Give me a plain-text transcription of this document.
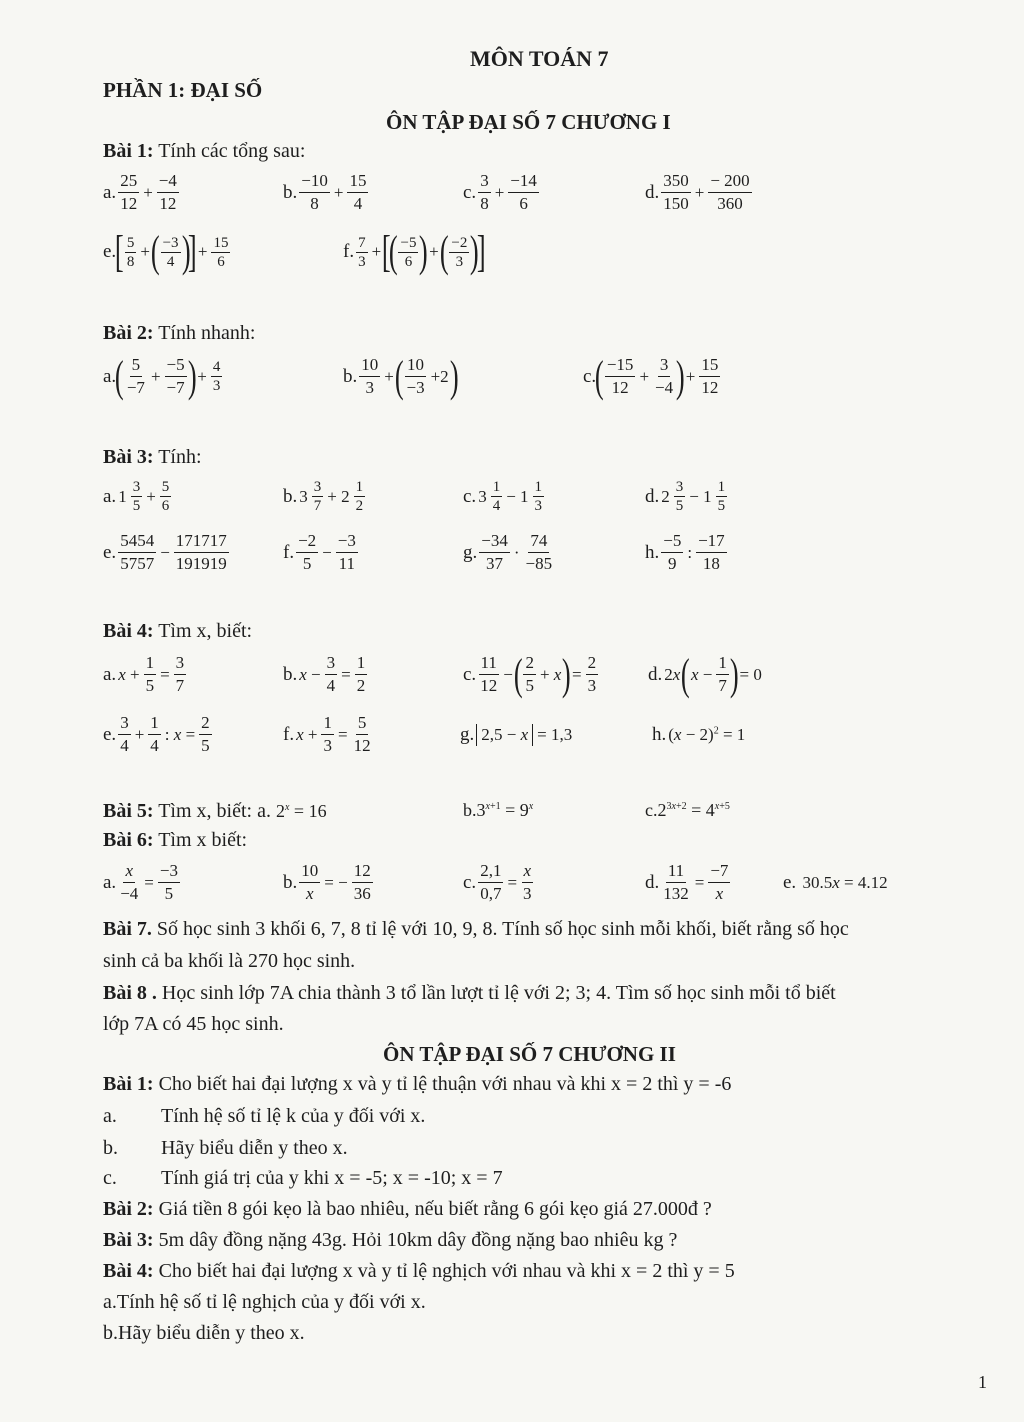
MÔN TOÁN 7
PHẦN 1: ĐẠI SỐ
ÔN TẬP ĐẠI SỐ 7 CHƯƠNG I
Bài 1: Tính các tổng sau:
a.
25
12
+ $\frac{-4}{12}$	b.
−10
8
+ $\frac{15}{4}$	c.
3
8
+ $\frac{-14}{6}$	d.
350
150
+ $\frac{- 200}{360}$
e.
[ 5
8
+ ( −3
4 )
] + $\frac{15}{6}$	f. 7
3
+ [
( −5
6 ) + ( −2
3 )
]
Bài 2: Tính nhanh:
a.
( 5
−7
+ $\frac{-5}{-7}$ ) + $\frac{4}{3}$	b.
10
3
+ ( 10
−3
+2 )	c.
( −15
12
+ $\frac{3}{-4}$ ) + $\frac{15}{12}$
Bài 3: Tính:
a. 1 3
5
+ $\frac{5}{6}$	b. 3 3
7
+ 2 1
2	c. 3 1
4
− 1 1
3	d. 2 3
5
− 1 1
5
e.
5454
5757
− $\frac{171717}{191919}$	f.
−2
5
− $\frac{-3}{11}$	g.
−34
37
·
74
−85
h.
−5
9
:
−17
18
Bài 4: Tìm x, biết:
a. $x + \frac{1}{5} = \frac{3}{7}$	b. $x - \frac{3}{4} = \frac{1}{2}$	c.
11
12
− ( 2
5
+ x ) = $\frac{2}{3}$	d. 2x ( $x - \frac{1}{7}$ ) = 0
e.
3
4
+ $\frac{1}{4}$ : $x = \frac{2}{5}$	f. $x + \frac{1}{3} = \frac{5}{12}$	g. 2,5 − x = 1,3	h. $(x - 2)^2 = 1$
Bài 5: Tìm x, biết: a. $2^x = 16$	$b.3^{x+1} = 9^x$	$c.2^{3x+2} = 4^{x+5}$
Bài 6: Tìm x biết:
a. $\frac{x}{-4} = \frac{-3}{5}$	b. $\frac{10}{x}$ = − $\frac{12}{36}$	c. $\frac{2,1}{0,7} = \frac{x}{3}$	d. $\frac{11}{132} = \frac{-7}{x}$	e. 30.5x = 4.12
Bài 7. Số học sinh 3 khối 6, 7, 8 tỉ lệ với 10, 9, 8. Tính số học sinh mỗi khối, biết rằng số học
sinh cả ba khối là 270 học sinh.
Bài 8 . Học sinh lớp 7A chia thành 3 tổ lần lượt tỉ lệ với 2; 3; 4. Tìm số học sinh mỗi tổ biết
lớp 7A có 45 học sinh.
ÔN TẬP ĐẠI SỐ 7 CHƯƠNG II
Bài 1: Cho biết hai đại lượng x và y tỉ lệ thuận với nhau và khi x = 2 thì y = -6
a. Tính hệ số tỉ lệ k của y đối với x.
b. Hãy biểu diễn y theo x.
c. Tính giá trị của y khi x = -5; x = -10; x = 7
Bài 2: Giá tiền 8 gói kẹo là bao nhiêu, nếu biết rằng 6 gói kẹo giá 27.000đ ?
Bài 3: 5m dây đồng nặng 43g. Hỏi 10km dây đồng nặng bao nhiêu kg ?
Bài 4: Cho biết hai đại lượng x và y tỉ lệ nghịch với nhau và khi x = 2 thì y = 5
a.Tính hệ số tỉ lệ nghịch của y đối với x.
b.Hãy biểu diễn y theo x.
1
